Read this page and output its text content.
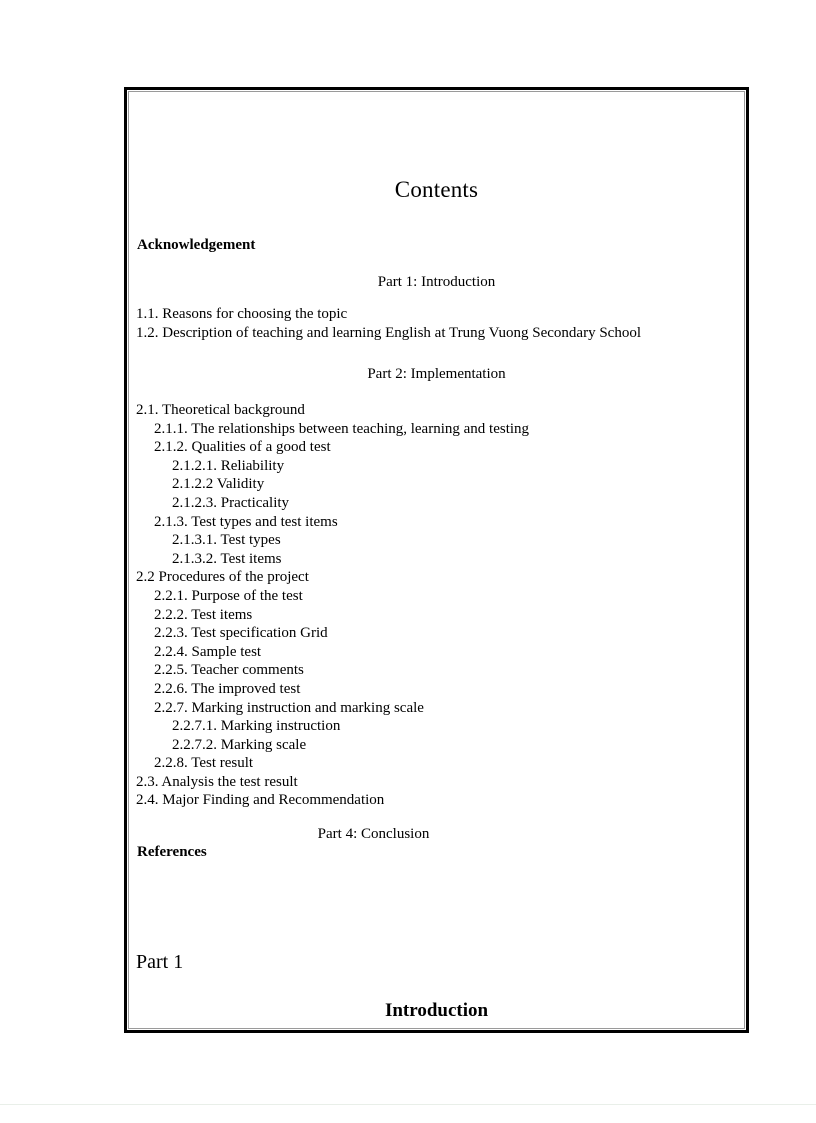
Contents
Acknowledgement
Part 1: Introduction
1.1. Reasons for choosing the topic
1.2. Description of teaching and learning English at Trung Vuong Secondary School
Part 2: Implementation
2.1. Theoretical background
2.1.1. The relationships between teaching, learning and testing
2.1.2. Qualities of a good test
2.1.2.1. Reliability
2.1.2.2 Validity
2.1.2.3. Practicality
2.1.3. Test types and test items
2.1.3.1. Test types
2.1.3.2. Test items
2.2 Procedures of the project
2.2.1. Purpose of the test
2.2.2. Test items
2.2.3. Test specification Grid
2.2.4. Sample test
2.2.5. Teacher comments
2.2.6. The improved test
2.2.7. Marking instruction and marking scale
2.2.7.1. Marking instruction
2.2.7.2. Marking scale
2.2.8. Test result
2.3. Analysis the test result
2.4. Major Finding and Recommendation
Part 4: Conclusion
References
Part 1
Introduction
